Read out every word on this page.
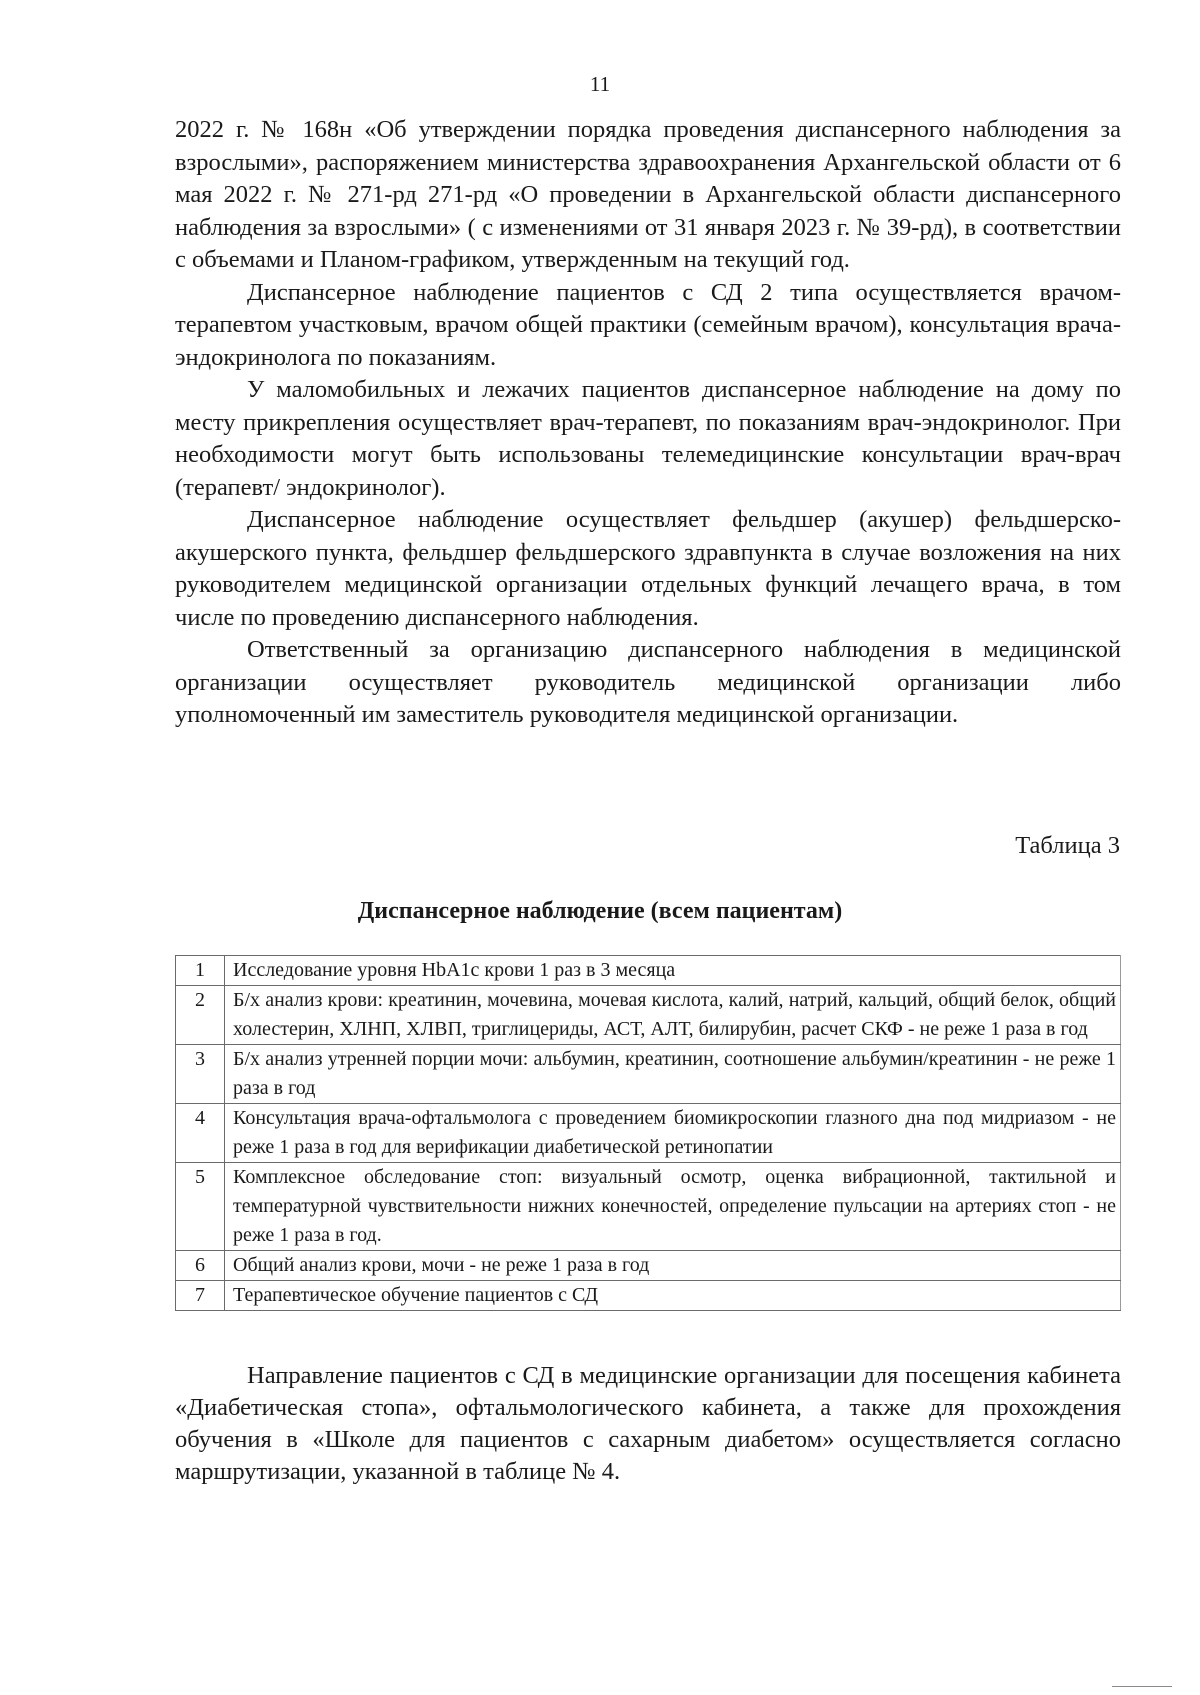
11

2022 г. № 168н «Об утверждении порядка проведения диспансерного наблюдения за взрослыми», распоряжением министерства здравоохранения Архангельской области от 6 мая 2022 г. № 271-рд 271-рд «О проведении в Архангельской области диспансерного наблюдения за взрослыми» ( с изменениями от 31 января 2023 г. № 39-рд), в соответствии с объемами и Планом-графиком, утвержденным на текущий год.

Диспансерное наблюдение пациентов с СД 2 типа осуществляется врачом-терапевтом участковым, врачом общей практики (семейным врачом), консультация врача-эндокринолога по показаниям.

У маломобильных и лежачих пациентов диспансерное наблюдение на дому по месту прикрепления осуществляет врач-терапевт, по показаниям врач-эндокринолог. При необходимости могут быть использованы телемедицинские консультации врач-врач (терапевт/ эндокринолог).

Диспансерное наблюдение осуществляет фельдшер (акушер) фельдшерско-акушерского пункта, фельдшер фельдшерского здравпункта в случае возложения на них руководителем медицинской организации отдельных функций лечащего врача, в том числе по проведению диспансерного наблюдения.

Ответственный за организацию диспансерного наблюдения в медицинской организации осуществляет руководитель медицинской организации либо уполномоченный им заместитель руководителя медицинской организации.

Таблица 3
Диспансерное наблюдение (всем пациентам)
1	Исследование уровня HbA1c крови 1 раз в 3 месяца
2	Б/х анализ крови: креатинин, мочевина, мочевая кислота, калий, натрий, кальций, общий белок, общий холестерин, ХЛНП, ХЛВП, триглицериды, АСТ, АЛТ, билирубин, расчет СКФ - не реже 1 раза в год
3	Б/х анализ утренней порции мочи: альбумин, креатинин, соотношение альбумин/креатинин - не реже 1 раза в год
4	Консультация врача-офтальмолога с проведением биомикроскопии глазного дна под мидриазом - не реже 1 раза в год для верификации диабетической ретинопатии
5	Комплексное обследование стоп: визуальный осмотр, оценка вибрационной, тактильной и температурной чувствительности нижних конечностей, определение пульсации на артериях стоп - не реже 1 раза в год.
6	Общий анализ крови, мочи - не реже 1 раза в год
7	Терапевтическое обучение пациентов с СД

Направление пациентов с СД в медицинские организации для посещения кабинета «Диабетическая стопа», офтальмологического кабинета, а также для прохождения обучения в «Школе для пациентов с сахарным диабетом» осуществляется согласно маршрутизации, указанной в таблице № 4.
